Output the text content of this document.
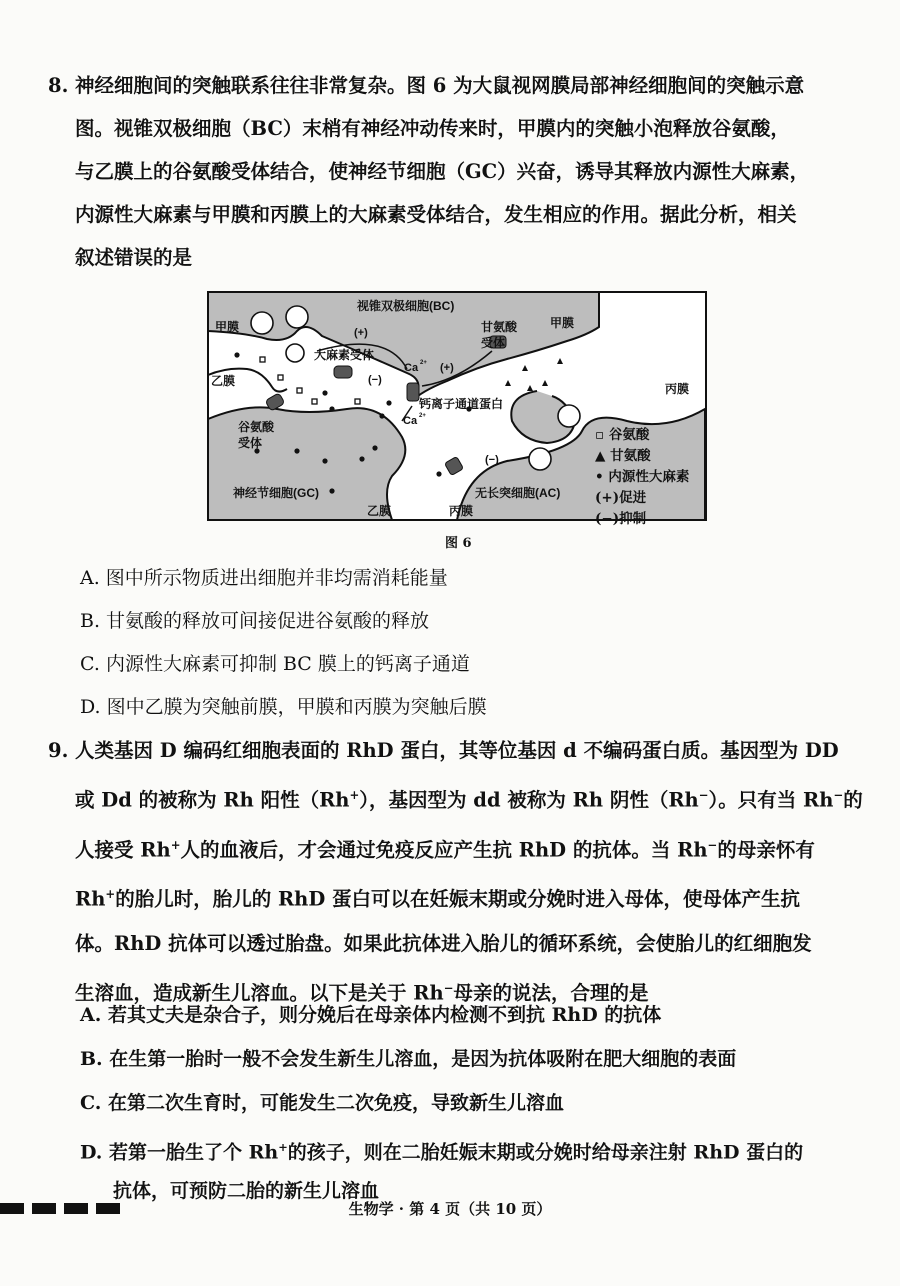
8. 神经细胞间的突触联系往往非常复杂。图 6 为大鼠视网膜局部神经细胞间的突触示意
图。视锥双极细胞（BC）末梢有神经冲动传来时，甲膜内的突触小泡释放谷氨酸，
与乙膜上的谷氨酸受体结合，使神经节细胞（GC）兴奋，诱导其释放内源性大麻素，
内源性大麻素与甲膜和丙膜上的大麻素受体结合，发生相应的作用。据此分析，相关
叙述错误的是
视锥双极细胞(BC)
甲膜	甲膜
乙膜
乙膜
丙膜
丙膜
大麻素受体
甘氨酸
受体
谷氨酸
受体
钙离子通道蛋白
神经节细胞(GC)	无长突细胞(AC)
Ca 2+
Ca 2+
(+)
(+)
(−)
(−)
▫ 谷氨酸
▲ 甘氨酸
• 内源性大麻素
(+)促进
(−)抑制
图 6
A. 图中所示物质进出细胞并非均需消耗能量
B. 甘氨酸的释放可间接促进谷氨酸的释放
C. 内源性大麻素可抑制 BC 膜上的钙离子通道
D. 图中乙膜为突触前膜，甲膜和丙膜为突触后膜
9. 人类基因 D 编码红细胞表面的 RhD 蛋白，其等位基因 d 不编码蛋白质。基因型为 DD
或 Dd 的被称为 Rh 阳性（Rh+），基因型为 dd 被称为 Rh 阴性（Rh−）。只有当 Rh−的
人接受 Rh+人的血液后，才会通过免疫反应产生抗 RhD 的抗体。当 Rh−的母亲怀有
Rh+的胎儿时，胎儿的 RhD 蛋白可以在妊娠末期或分娩时进入母体，使母体产生抗
体。RhD 抗体可以透过胎盘。如果此抗体进入胎儿的循环系统，会使胎儿的红细胞发
生溶血，造成新生儿溶血。以下是关于 Rh−母亲的说法，合理的是
A. 若其丈夫是杂合子，则分娩后在母亲体内检测不到抗 RhD 的抗体
B. 在生第一胎时一般不会发生新生儿溶血，是因为抗体吸附在肥大细胞的表面
C. 在第二次生育时，可能发生二次免疫，导致新生儿溶血
D. 若第一胎生了个 Rh+的孩子，则在二胎妊娠末期或分娩时给母亲注射 RhD 蛋白的
抗体，可预防二胎的新生儿溶血
生物学 · 第 4 页（共 10 页）
